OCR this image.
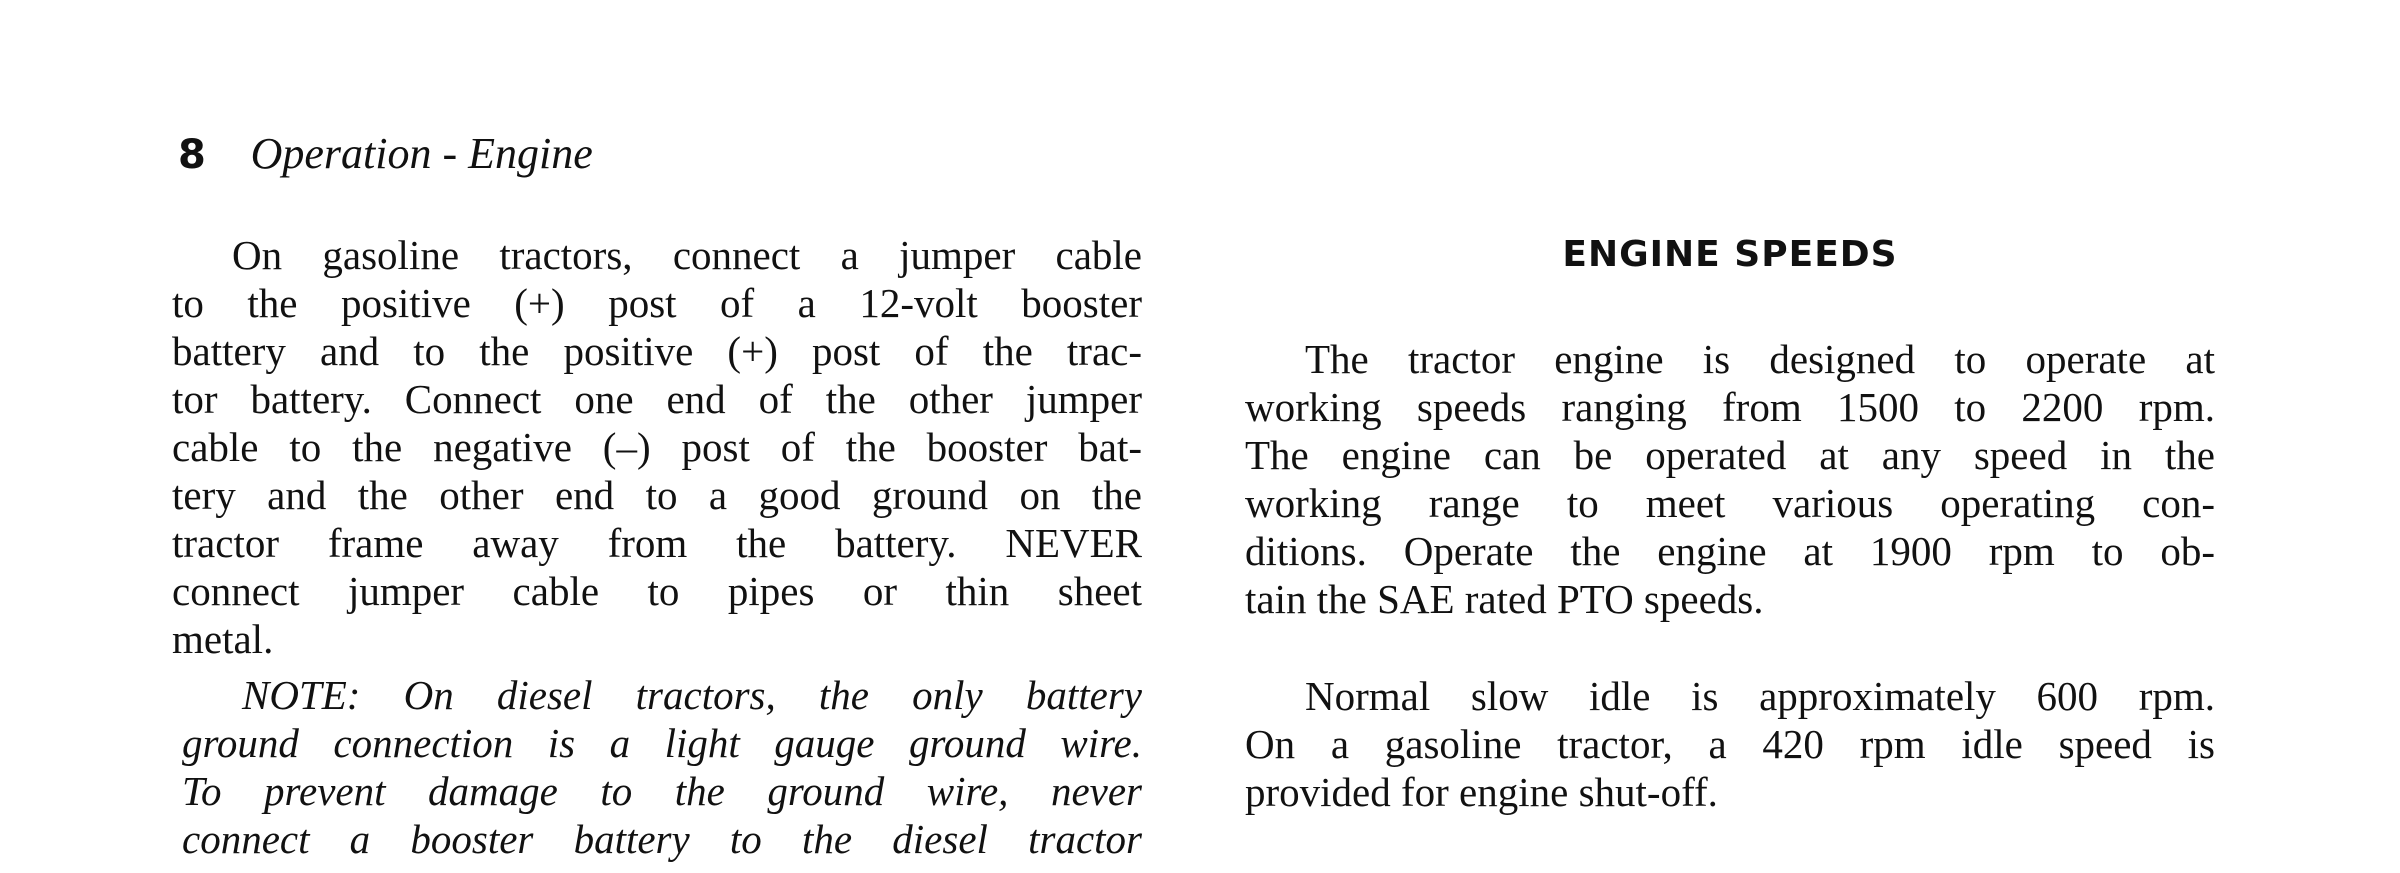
8 Operation - Engine
On gasoline tractors, connect a jumper cable
to the positive (+) post of a 12-volt booster
battery and to the positive (+) post of the trac-
tor battery. Connect one end of the other jumper
cable to the negative (–) post of the booster bat-
tery and the other end to a good ground on the
tractor frame away from the battery. NEVER
connect jumper cable to pipes or thin sheet
metal.
NOTE: On diesel tractors, the only battery
ground connection is a light gauge ground wire.
To prevent damage to the ground wire, never
connect a booster battery to the diesel tractor
ENGINE SPEEDS
The tractor engine is designed to operate at
working speeds ranging from 1500 to 2200 rpm.
The engine can be operated at any speed in the
working range to meet various operating con-
ditions. Operate the engine at 1900 rpm to ob-
tain the SAE rated PTO speeds.
Normal slow idle is approximately 600 rpm.
On a gasoline tractor, a 420 rpm idle speed is
provided for engine shut-off.
